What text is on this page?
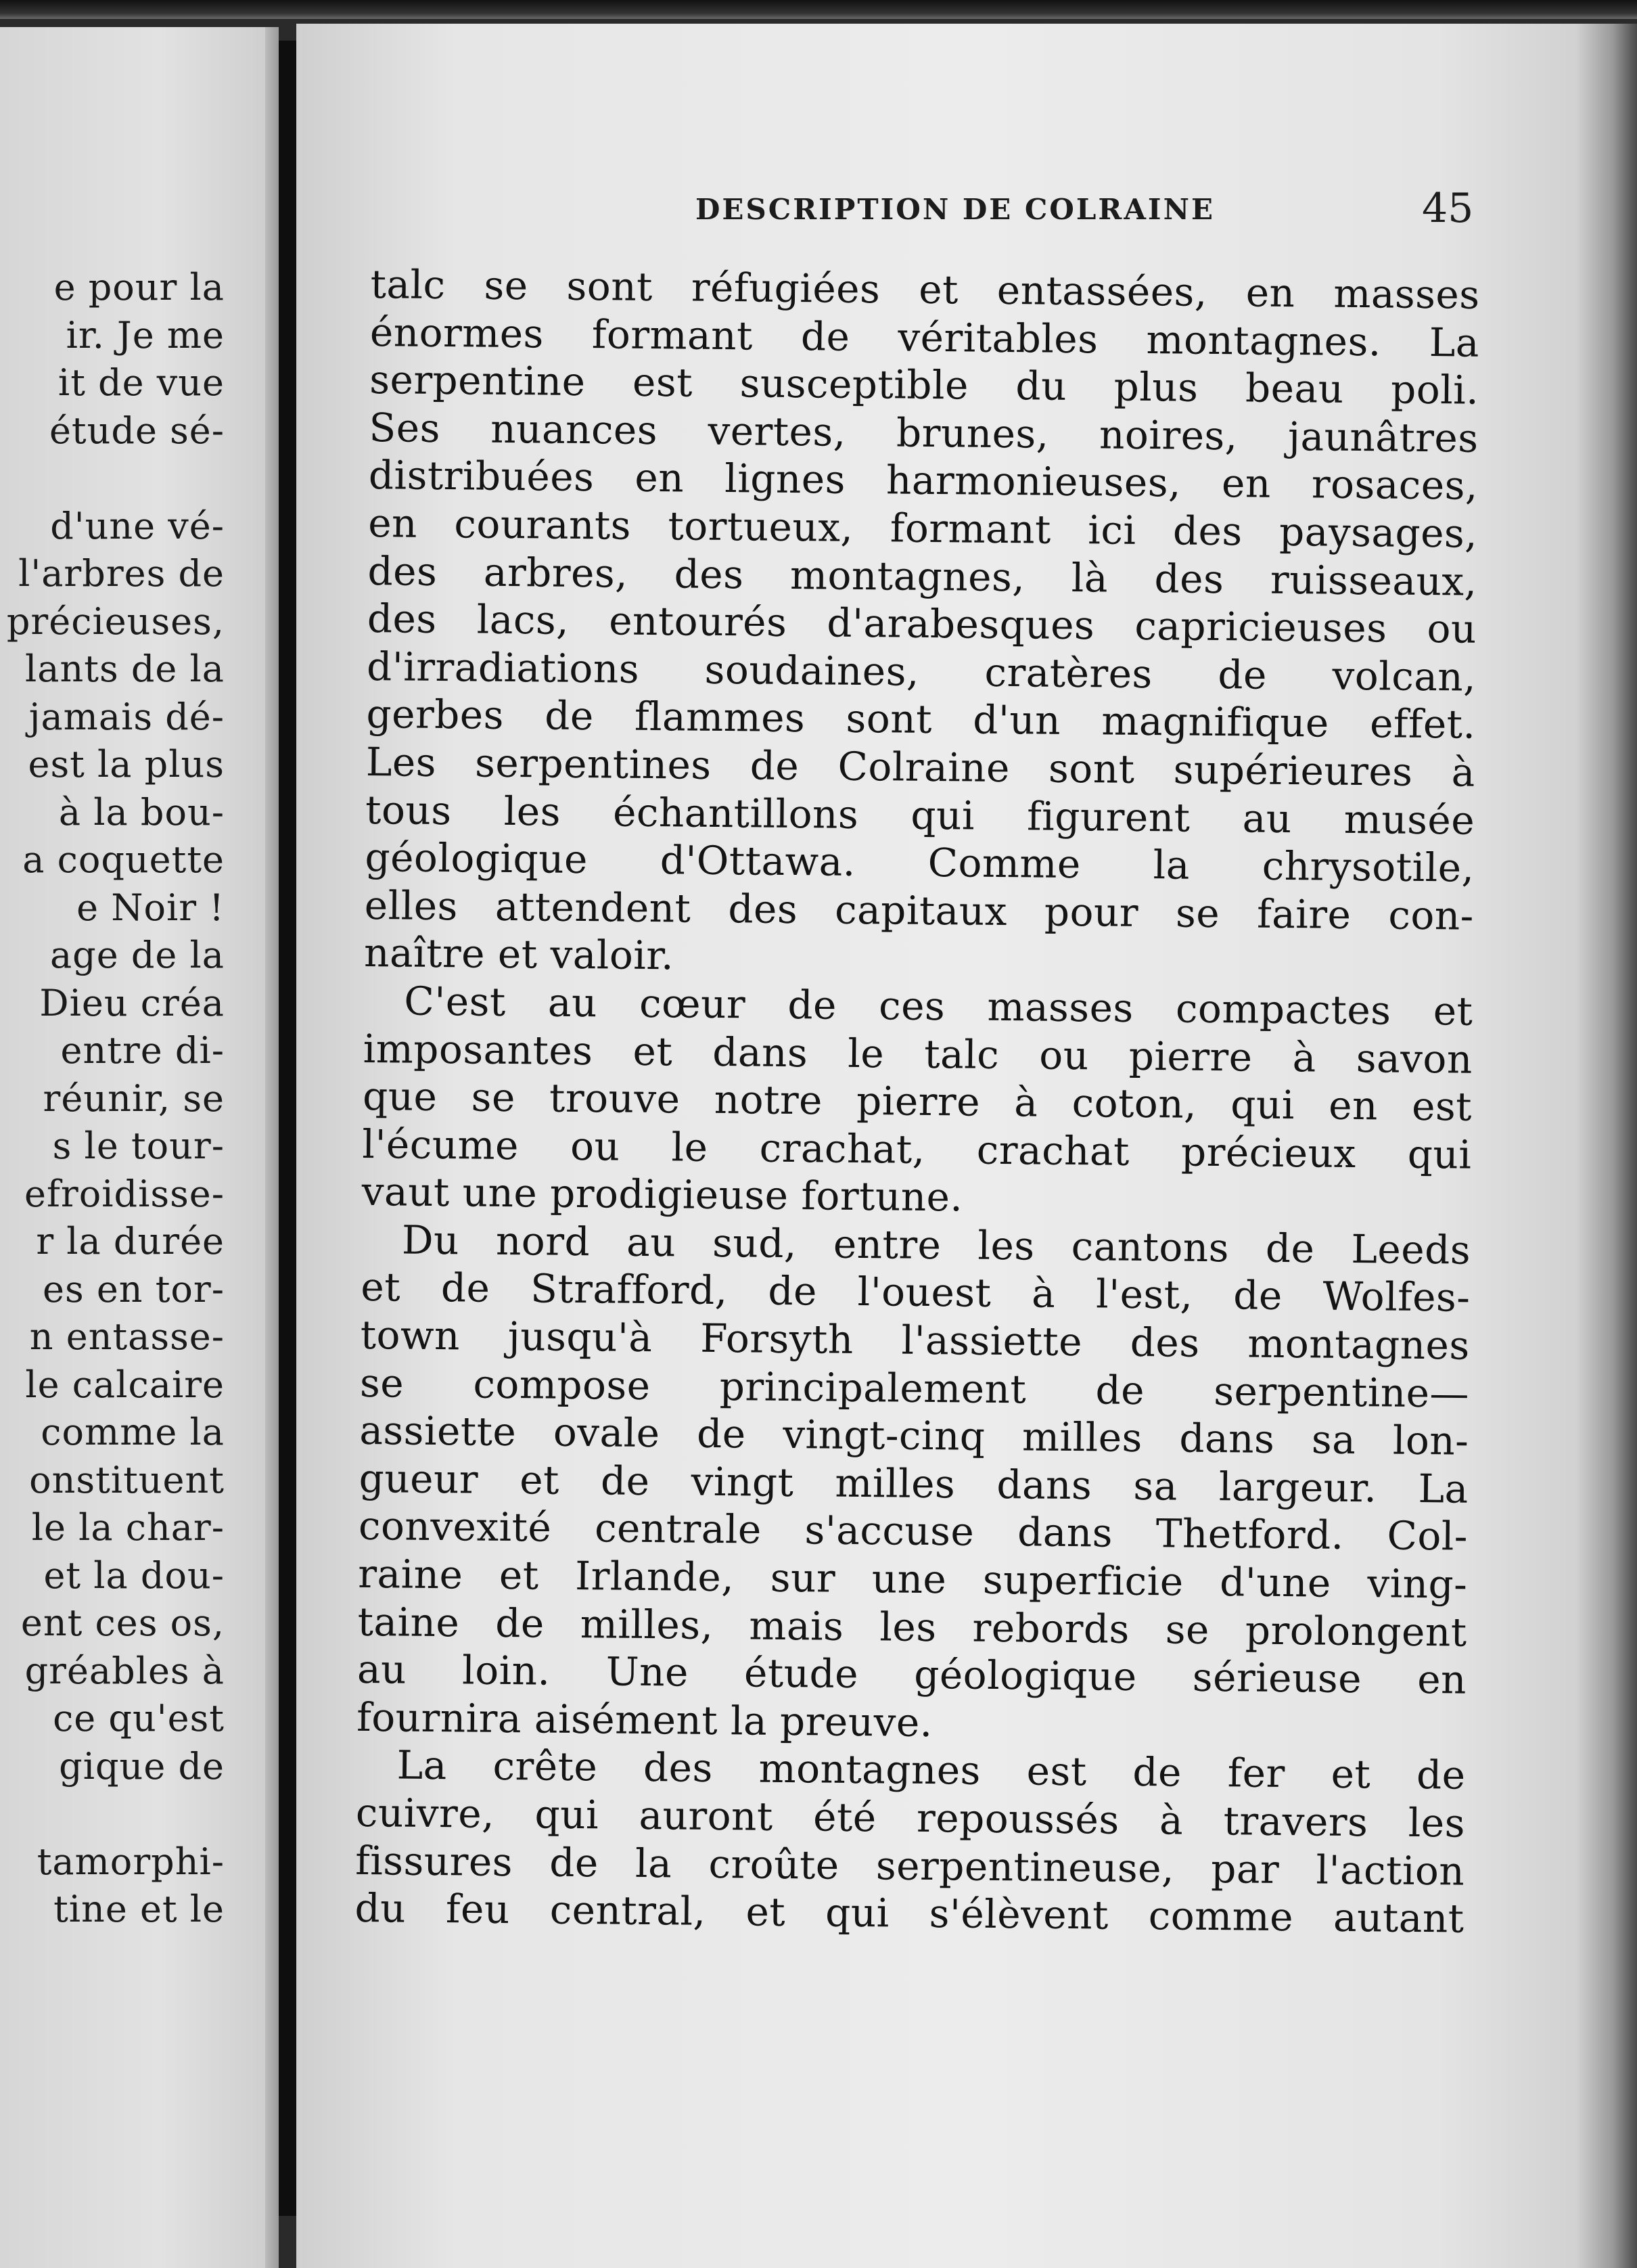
e pour la
ir. Je me
it de vue
étude sé-
d'une vé-
l'arbres de
précieuses,
lants de la
jamais dé-
est la plus
à la bou-
a coquette
e Noir !
age de la
Dieu créa
entre di-
réunir, se
s le tour-
efroidisse-
r la durée
es en tor-
n entasse-
le calcaire
comme la
onstituent
le la char-
et la dou-
ent ces os,
gréables à
ce qu'est
gique de
tamorphi-
tine et le
DESCRIPTION DE COLRAINE	45
talc se sont réfugiées et entassées, en masses
énormes formant de véritables montagnes. La
serpentine est susceptible du plus beau poli.
Ses nuances vertes, brunes, noires, jaunâtres
distribuées en lignes harmonieuses, en rosaces,
en courants tortueux, formant ici des paysages,
des arbres, des montagnes, là des ruisseaux,
des lacs, entourés d'arabesques capricieuses ou
d'irradiations soudaines, cratères de volcan,
gerbes de flammes sont d'un magnifique effet.
Les serpentines de Colraine sont supérieures à
tous les échantillons qui figurent au musée
géologique d'Ottawa. Comme la chrysotile,
elles attendent des capitaux pour se faire con-
naître et valoir.
C'est au cœur de ces masses compactes et
imposantes et dans le talc ou pierre à savon
que se trouve notre pierre à coton, qui en est
l'écume ou le crachat, crachat précieux qui
vaut une prodigieuse fortune.
Du nord au sud, entre les cantons de Leeds
et de Strafford, de l'ouest à l'est, de Wolfes-
town jusqu'à Forsyth l'assiette des montagnes
se compose principalement de serpentine—
assiette ovale de vingt-cinq milles dans sa lon-
gueur et de vingt milles dans sa largeur. La
convexité centrale s'accuse dans Thetford. Col-
raine et Irlande, sur une superficie d'une ving-
taine de milles, mais les rebords se prolongent
au loin. Une étude géologique sérieuse en
fournira aisément la preuve.
La crête des montagnes est de fer et de
cuivre, qui auront été repoussés à travers les
fissures de la croûte serpentineuse, par l'action
du feu central, et qui s'élèvent comme autant
